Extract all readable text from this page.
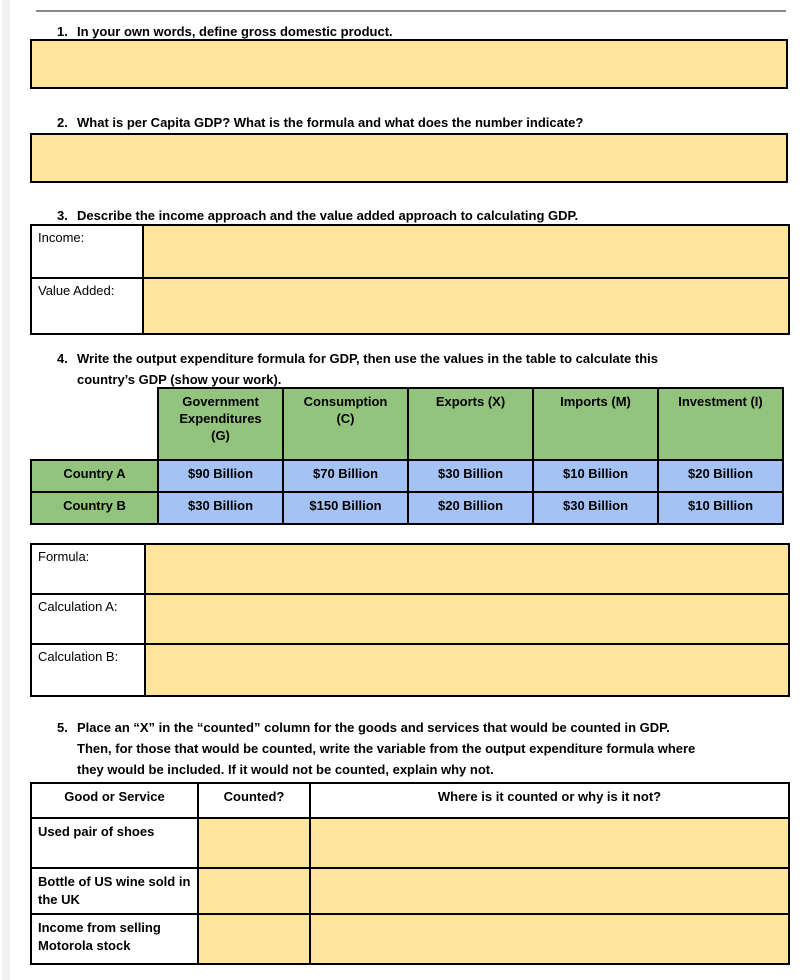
1. In your own words, define gross domestic product.
2. What is per Capita GDP? What is the formula and what does the number indicate?
3. Describe the income approach and the value added approach to calculating GDP.
Income:	
Value Added:	
4. Write the output expenditure formula for GDP, then use the values in the table to calculate this
country’s GDP (show your work).
	Government Expenditures (G)	Consumption (C)	Exports (X)	Imports (M)	Investment (I)
Country A	$90 Billion	$70 Billion	$30 Billion	$10 Billion	$20 Billion
Country B	$30 Billion	$150 Billion	$20 Billion	$30 Billion	$10 Billion
Formula:	
Calculation A:	
Calculation B:	
5. Place an “X” in the “counted” column for the goods and services that would be counted in GDP.
Then, for those that would be counted, write the variable from the output expenditure formula where
they would be included. If it would not be counted, explain why not.
Good or Service	Counted?	Where is it counted or why is it not?
Used pair of shoes		
Bottle of US wine sold in the UK		
Income from selling Motorola stock		
